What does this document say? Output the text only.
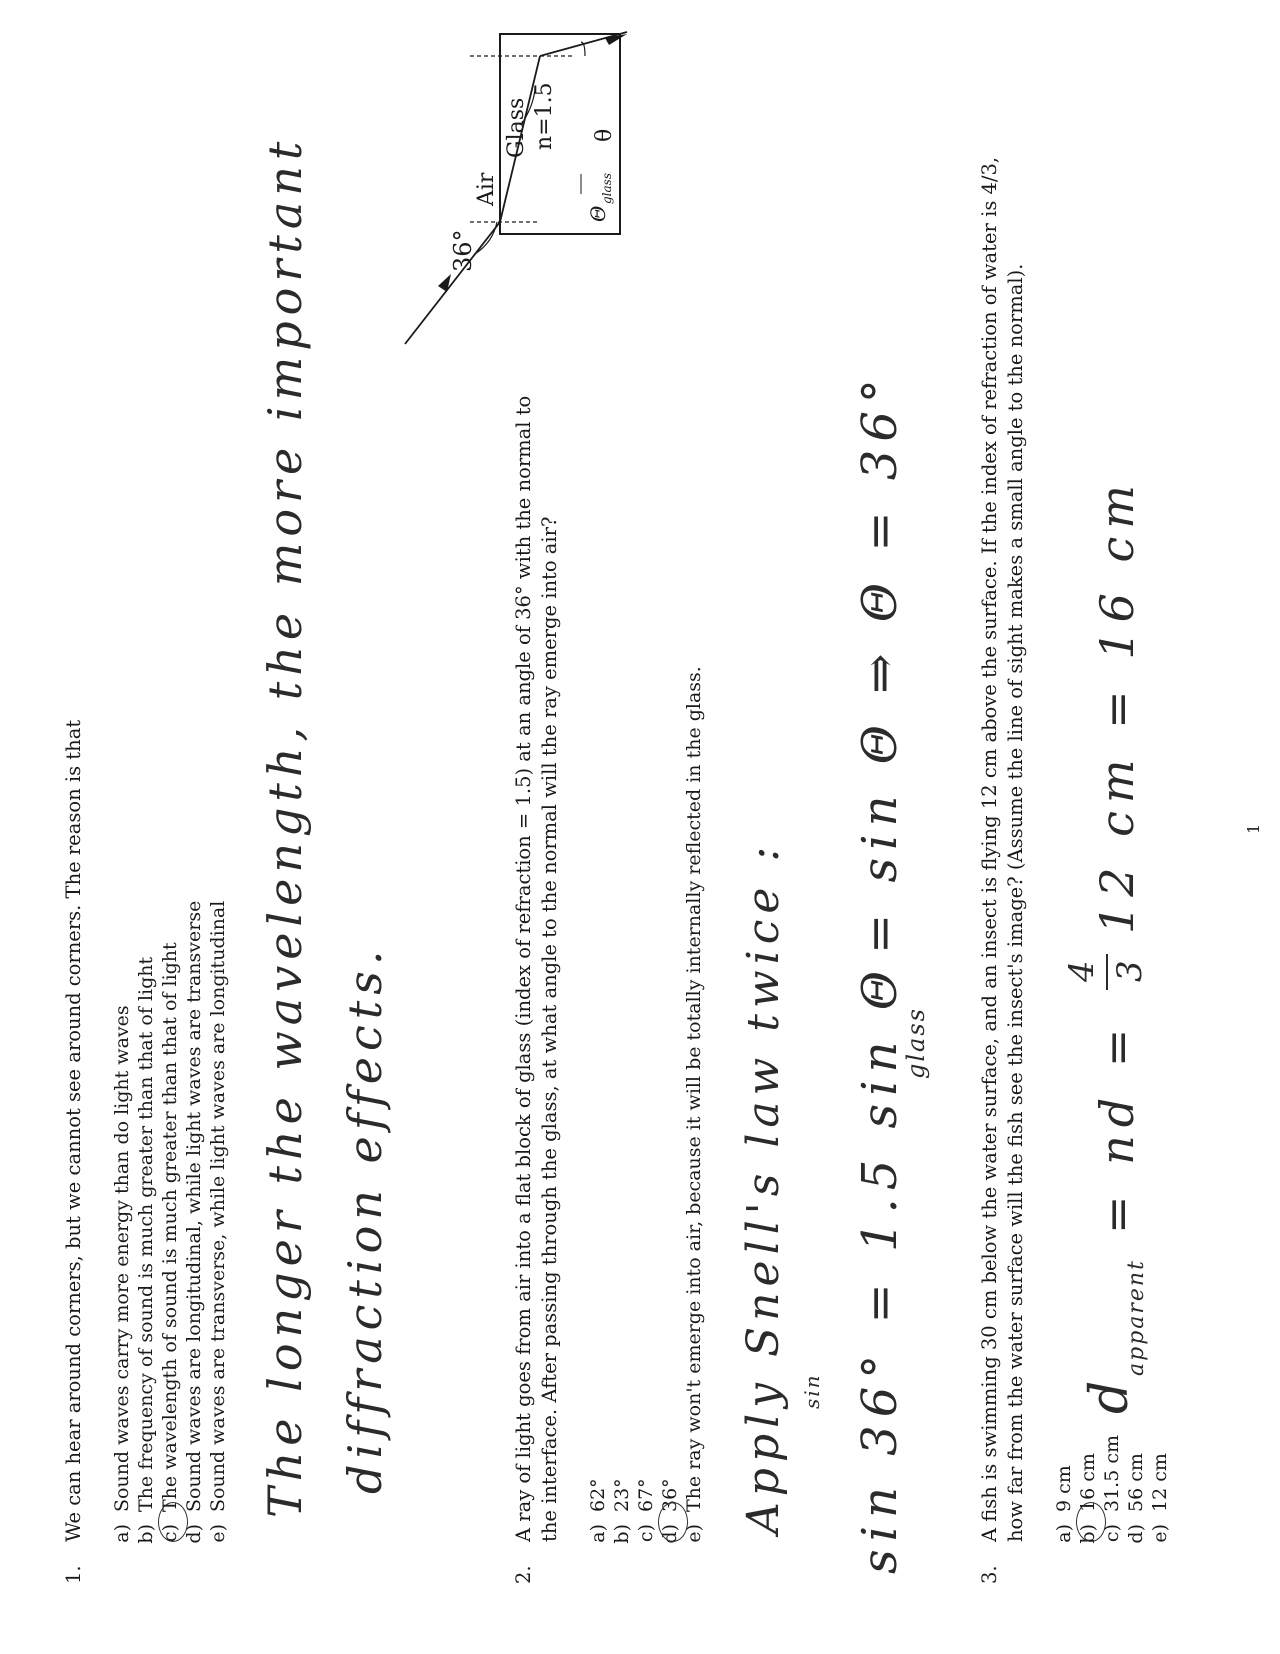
1.
We can hear around corners, but we cannot see around corners. The reason is that a)Sound waves carry more energy than do light waves
b)The frequency of sound is much greater than that of light
c)The wavelength of sound is much greater than that of light
d)Sound waves are longitudinal, while light waves are transverse
e)Sound waves are transverse, while light waves are longitudinal The longer the wavelength, the more important diffraction effects.
2.
A ray of light goes from air into a flat block of glass (index of refraction = 1.5) at an angle of 36° with the normal to the interface. After passing through the glass, at what angle to the normal will the ray emerge into air? a)62°
b)23°
c)67°
d)36°
e)The ray won't emerge into air, because it will be totally internally reflected in the glass. Apply Snell's law twice : sin sin 36° = 1.5 sin Θ
glass
= sin Θ ⇒ Θ = 36°
36°
Air
Glass n=1.5 θ
Θ
glass
3.
A fish is swimming 30 cm below the water surface, and an insect is flying 12 cm above the surface. If the index of refraction of water is 4/3, how far from the water surface will the fish see the insect's image? (Assume the line of sight makes a small angle to the normal). a)9 cm
b)16 cm
c)31.5 cm
d)56 cm
e)12 cm
d
apparent
= nd =
4 3
12 cm = 16 cm	1
